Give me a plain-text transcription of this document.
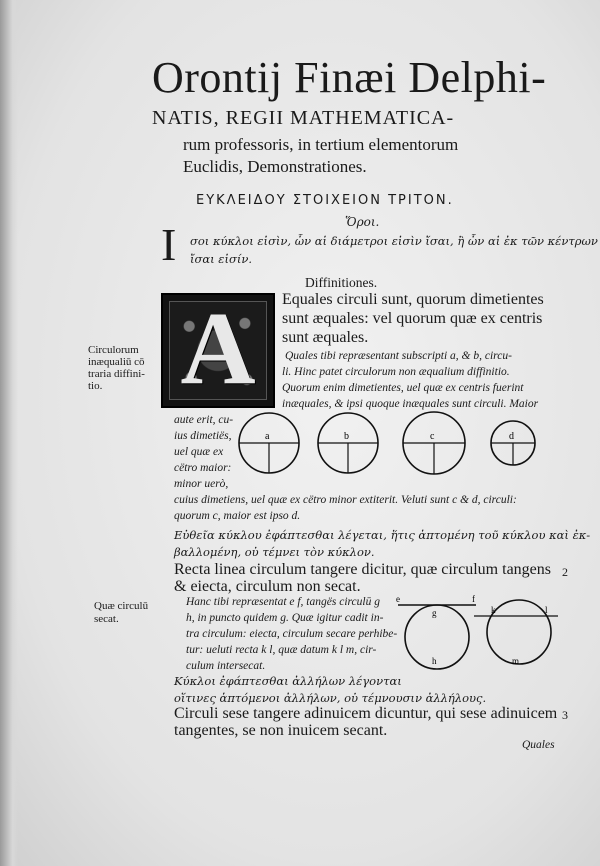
Orontij Finæi Delphi-
NATIS, REGII MATHEMATICA-
rum professoris, in tertium elementorum
Euclidis, Demonstrationes.
ΕΥΚΛΕΙΔΟΥ ΣΤΟΙΧΕΙΟΝ ΤΡΙΤΟΝ.
Ὅροι.
I σοι κύκλοι εἰσὶν, ὧν αἱ διάμετροι εἰσὶν ἴσαι, ἢ ὧν αἱ ἐκ τῶν κέντρων
ἴσαι εἰσίν.
Diffinitiones.
A	Equales circuli sunt, quorum dimetientes
sunt æquales: vel quorum quæ ex centris
sunt æquales.
Quales tibi repræsentant subscripti a, & b, circu-
li. Hinc patet circulorum non æqualium diffinitio.
Quorum enim dimetientes, uel quæ ex centris fuerint
inæquales, & ipsi quoque inæquales sunt circuli. Maior
Circulorum
inæqualiū cō
traria diffini-
tio.
aute erit, cu-
ius dimetiës,
uel quæ ex
cëtro maior:
minor uerò,
a	b	c	d
cuius dimetiens, uel quæ ex cëtro minor extiterit. Veluti sunt c & d, circuli:
quorum c, maior est ipso d.
Εὐθεῖα κύκλου ἐφάπτεσθαι λέγεται, ἥτις ἁπτομένη τοῦ κύκλου καὶ ἐκ-
βαλλομένη, οὐ τέμνει τὸν κύκλον.
Recta linea circulum tangere dicitur, quæ circulum tangens
& eiecta, circulum non secat.
2
Quæ circulū
secat.
Hanc tibi repræsentat e f, tangës circulū g
h, in puncto quidem g. Quæ igitur cadit in-
tra circulum: eiecta, circulum secare perhibe-
tur: ueluti recta k l, quæ datum k l m, cir-
culum intersecat.
e	f
g
h
k	l
m
Κύκλοι ἐφάπτεσθαι ἀλλήλων λέγονται
οἵτινες ἁπτόμενοι ἀλλήλων, οὐ τέμνουσιν ἀλλήλους.
Circuli sese tangere adinuicem dicuntur, qui sese adinuicem
tangentes, se non inuicem secant.
3
Quales
